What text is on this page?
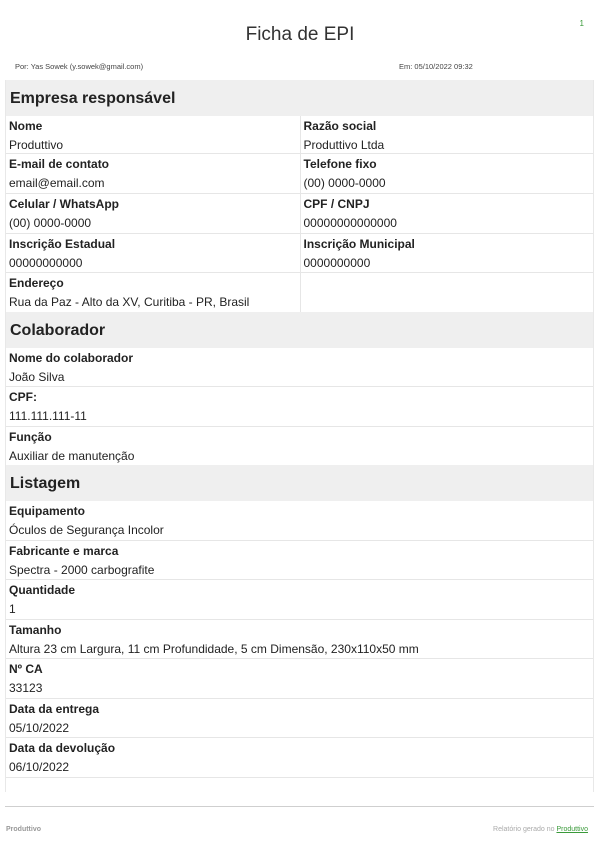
1
Ficha de EPI
Por: Yas Sowek (y.sowek@gmail.com)	Em: 05/10/2022 09:32
Empresa responsável
Nome
Produttivo
Razão social
Produttivo Ltda
E-mail de contato
email@email.com
Telefone fixo
(00) 0000-0000
Celular / WhatsApp
(00) 0000-0000
CPF / CNPJ
00000000000000
Inscrição Estadual
00000000000
Inscrição Municipal
0000000000
Endereço
Rua da Paz - Alto da XV, Curitiba - PR, Brasil
Colaborador
Nome do colaborador
João Silva
CPF:
111.111.111-11
Função
Auxiliar de manutenção
Listagem
Equipamento
Óculos de Segurança Incolor
Fabricante e marca
Spectra - 2000 carbografite
Quantidade
1
Tamanho
Altura 23 cm Largura, 11 cm Profundidade, 5 cm Dimensão, 230x110x50 mm
Nº CA
33123
Data da entrega
05/10/2022
Data da devolução
06/10/2022
Produttivo	Relatório gerado no Produttivo
